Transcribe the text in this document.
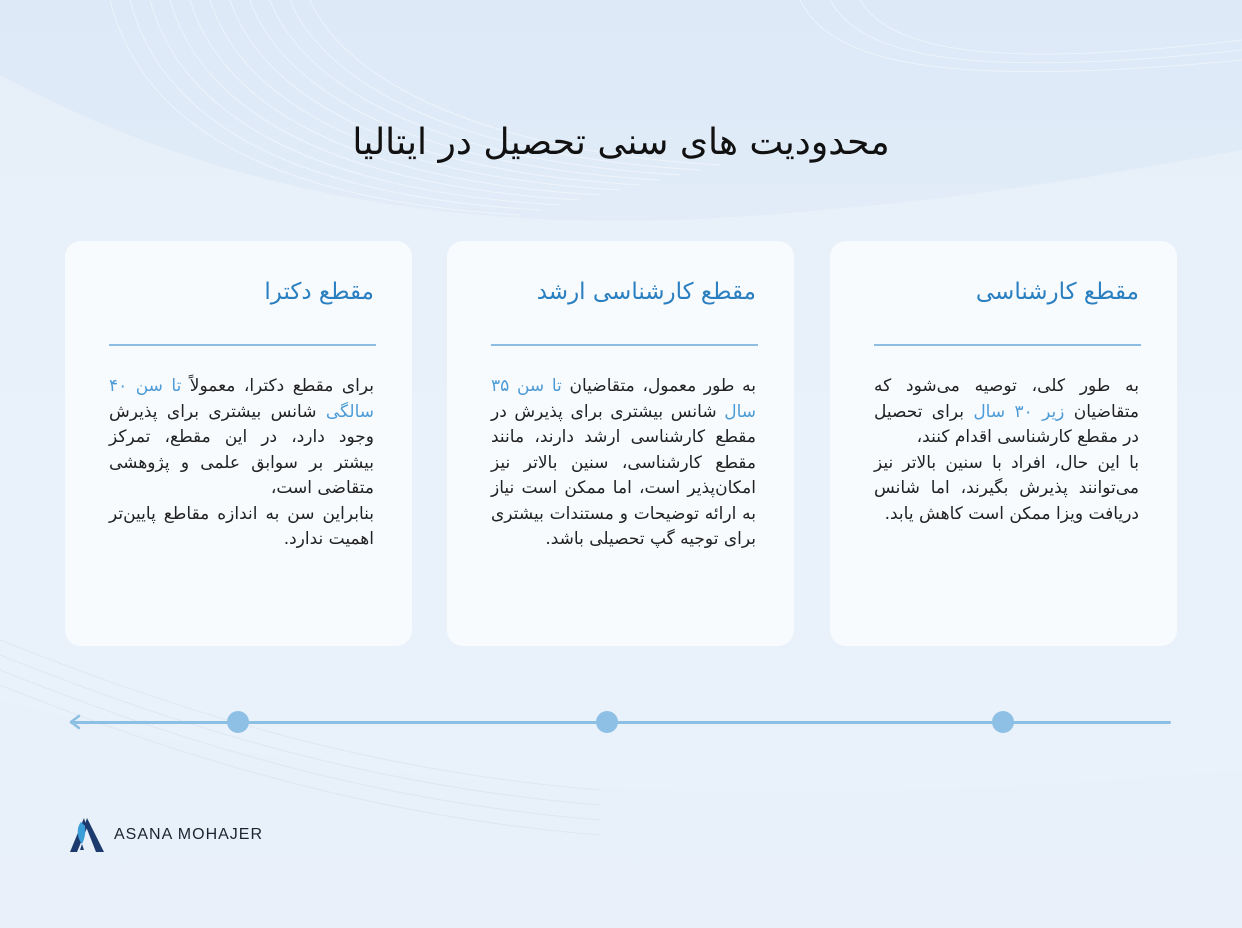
محدودیت های سنی تحصیل در ایتالیا
مقطع کارشناسی

به طور کلی، توصیه می‌شود که متقاضیان زیر ۳۰ سال برای تحصیل در مقطع کارشناسی اقدام کنند،

با این حال، افراد با سنین بالاتر نیز می‌توانند پذیرش بگیرند، اما شانس دریافت ویزا ممکن است کاهش یابد.

مقطع کارشناسی ارشد

به طور معمول، متقاضیان تا سن ۳۵ سال شانس بیشتری برای پذیرش در مقطع کارشناسی ارشد دارند، مانند مقطع کارشناسی، سنین بالاتر نیز امکان‌پذیر است، اما ممکن است نیاز به ارائه توضیحات و مستندات بیشتری برای توجیه گپ تحصیلی باشد.

مقطع دکترا

برای مقطع دکترا، معمولاً تا سن ۴۰ سالگی شانس بیشتری برای پذیرش وجود دارد، در این مقطع، تمرکز بیشتر بر سوابق علمی و پژوهشی متقاضی است،

بنابراین سن به اندازه مقاطع پایین‌تر اهمیت ندارد.

ASANA MOHAJER
